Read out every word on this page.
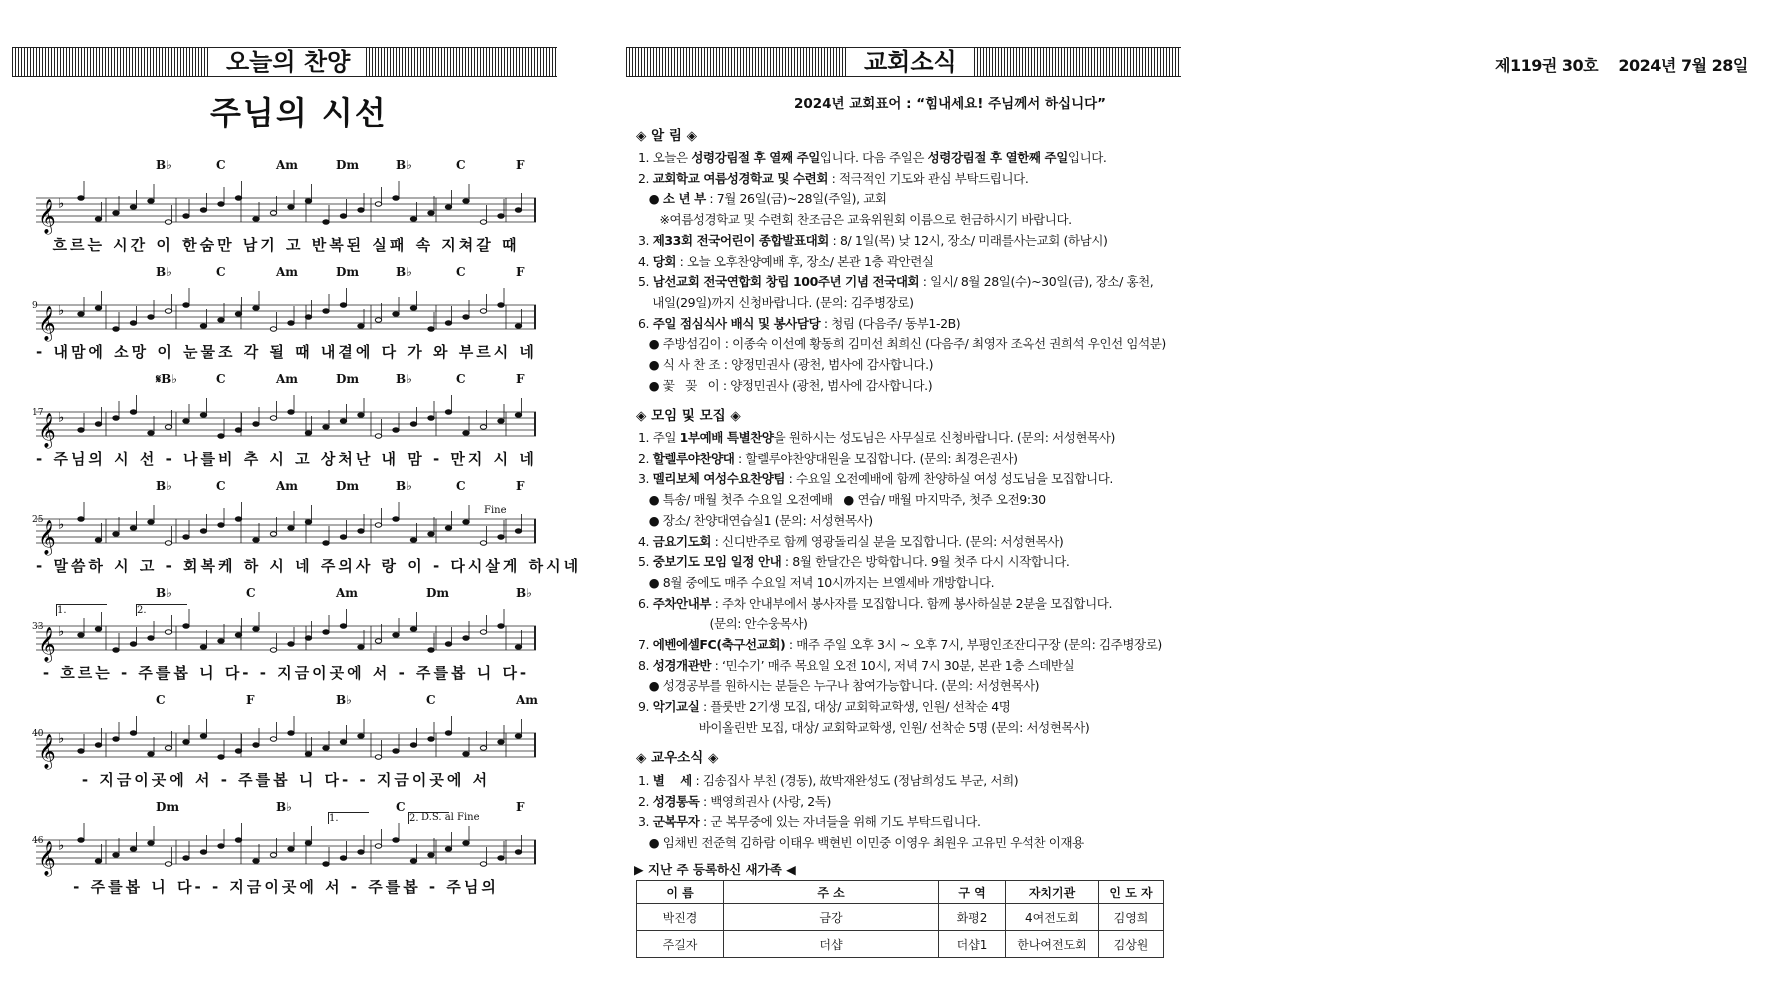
오늘의 찬양	교회소식	제119권 30호    2024년 7월 28일
주님의 시선
B♭	C	Am	Dm	B♭	C	F
𝄞 ♭
흐르는 시간 이 한숨만 남기 고 반복된 실패 속 지쳐갈 때
B♭	C	Am	Dm	B♭	C	F
9 𝄞 ♭
- 내맘에 소망 이 눈물조 각 될 때 내곁에 다 가 와 부르시 네
𝄋B♭	C	Am	Dm	B♭	C	F
17
𝄞 ♭
- 주님의 시 선 - 나를비 추 시 고 상처난 내 맘 - 만지 시 네
B♭	C	Am	Dm	B♭	C	F
25
𝄞 ♭
Fine
- 말씀하 시 고 - 회복케 하 시 네 주의사 랑 이 - 다시살게 하시네
B♭	C	Am	Dm	B♭
33
𝄞 ♭
1.	2.
- 흐르는 - 주를봅 니 다- - 지금이곳에 서 - 주를봅 니 다-
C	F	B♭	C	Am
40
𝄞 ♭
- 지금이곳에 서 - 주를봅 니 다- - 지금이곳에 서
Dm	B♭	C	F
46
𝄞 ♭
1.	2. D.S. al Fine
- 주를봅 니 다- - 지금이곳에 서 - 주를봅 - 주님의
2024년 교회표어 : “힘내세요! 주님께서 하십니다”
◈ 알 림 ◈
1. 오늘은 성령강림절 후 열째 주일입니다. 다음 주일은 성령강림절 후 열한째 주일입니다.
2. 교회학교 여름성경학교 및 수련회 : 적극적인 기도와 관심 부탁드립니다.
● 소 년 부 : 7월 26일(금)~28일(주일), 교회
※여름성경학교 및 수련회 찬조금은 교육위원회 이름으로 헌금하시기 바랍니다.
3. 제33회 전국어린이 종합발표대회 : 8/ 1일(목) 낮 12시, 장소/ 미래를사는교회 (하남시)
4. 당회 : 오늘 오후찬양예배 후, 장소/ 본관 1층 곽안련실
5. 남선교회 전국연합회 창립 100주년 기념 전국대회 : 일시/ 8월 28일(수)~30일(금), 장소/ 홍천,
내일(29일)까지 신청바랍니다. (문의: 김주병장로)
6. 주일 점심식사 배식 및 봉사담당 : 청림 (다음주/ 동부1-2B)
● 주방섬김이 : 이종숙 이선예 황동희 김미선 최희신 (다음주/ 최영자 조옥선 권희석 우인선 임석분)
● 식 사 찬 조 : 양정민권사 (광천, 범사에 감사합니다.)
● 꽃   꽂   이 : 양정민권사 (광천, 범사에 감사합니다.)
◈ 모임 및 모집 ◈
1. 주일 1부예배 특별찬양을 원하시는 성도님은 사무실로 신청바랍니다. (문의: 서성현목사)
2. 할렐루야찬양대 : 할렐루야찬양대원을 모집합니다. (문의: 최경은권사)
3. 멜리보체 여성수요찬양팀 : 수요일 오전예배에 함께 찬양하실 여성 성도님을 모집합니다.
● 특송/ 매월 첫주 수요일 오전예배   ● 연습/ 매월 마지막주, 첫주 오전9:30
● 장소/ 찬양대연습실1 (문의: 서성현목사)
4. 금요기도회 : 신디반주로 함께 영광돌리실 분을 모집합니다. (문의: 서성현목사)
5. 중보기도 모임 일정 안내 : 8월 한달간은 방학합니다. 9월 첫주 다시 시작합니다.
● 8월 중에도 매주 수요일 저녁 10시까지는 브엘세바 개방합니다.
6. 주차안내부 : 주차 안내부에서 봉사자를 모집합니다. 함께 봉사하실분 2분을 모집합니다.
(문의: 안수웅목사)
7. 에벤에셀FC(축구선교회) : 매주 주일 오후 3시 ~ 오후 7시, 부평인조잔디구장 (문의: 김주병장로)
8. 성경개관반 : ‘민수기’ 매주 목요일 오전 10시, 저녁 7시 30분, 본관 1층 스데반실
● 성경공부를 원하시는 분들은 누구나 참여가능합니다. (문의: 서성현목사)
9. 악기교실 : 플룻반 2기생 모집, 대상/ 교회학교학생, 인원/ 선착순 4명
바이올린반 모집, 대상/ 교회학교학생, 인원/ 선착순 5명 (문의: 서성현목사)
◈ 교우소식 ◈
1. 별    세 : 김송집사 부친 (경동), 故박재완성도 (정남희성도 부군, 서희)
2. 성경통독 : 백영희권사 (사랑, 2독)
3. 군복무자 : 군 복무중에 있는 자녀들을 위해 기도 부탁드립니다.
● 임채빈 전준혁 김하람 이태우 백현빈 이민중 이영우 최원우 고유민 우석찬 이재용
▶ 지난 주 등록하신 새가족 ◀
이 름	주 소	구 역	자치기관	인 도 자
박진경	금강	화평2	4여전도회	김영희
주길자	더샵	더샵1	한나여전도회	김상원
